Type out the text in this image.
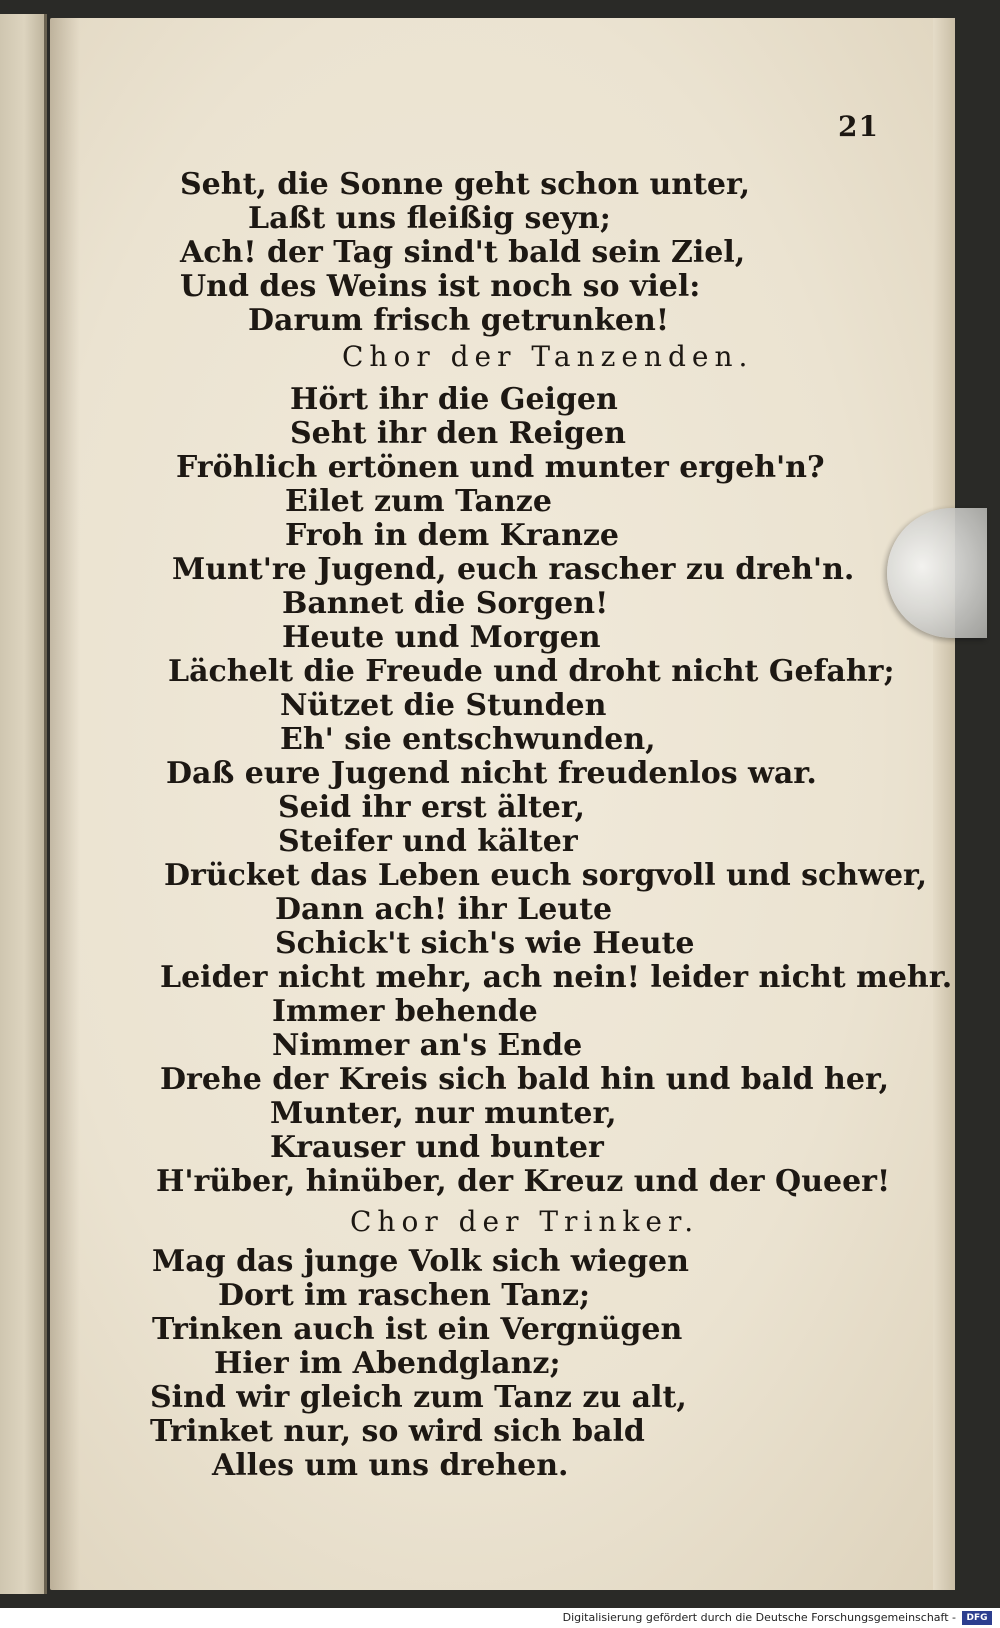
21
Seht, die Sonne geht schon unter,
Laßt uns fleißig seyn;
Ach! der Tag sind't bald sein Ziel,
Und des Weins ist noch so viel:
Darum frisch getrunken!
Chor der Tanzenden.
Hört ihr die Geigen
Seht ihr den Reigen
Fröhlich ertönen und munter ergeh'n?
Eilet zum Tanze
Froh in dem Kranze
Munt're Jugend, euch rascher zu dreh'n.
Bannet die Sorgen!
Heute und Morgen
Lächelt die Freude und droht nicht Gefahr;
Nützet die Stunden
Eh' sie entschwunden,
Daß eure Jugend nicht freudenlos war.
Seid ihr erst älter,
Steifer und kälter
Drücket das Leben euch sorgvoll und schwer,
Dann ach! ihr Leute
Schick't sich's wie Heute
Leider nicht mehr, ach nein! leider nicht mehr.
Immer behende
Nimmer an's Ende
Drehe der Kreis sich bald hin und bald her,
Munter, nur munter,
Krauser und bunter
H'rüber, hinüber, der Kreuz und der Queer!
Chor der Trinker.
Mag das junge Volk sich wiegen
Dort im raschen Tanz;
Trinken auch ist ein Vergnügen
Hier im Abendglanz;
Sind wir gleich zum Tanz zu alt,
Trinket nur, so wird sich bald
Alles um uns drehen.
Digitalisierung gefördert durch die Deutsche Forschungsgemeinschaft -	DFG
